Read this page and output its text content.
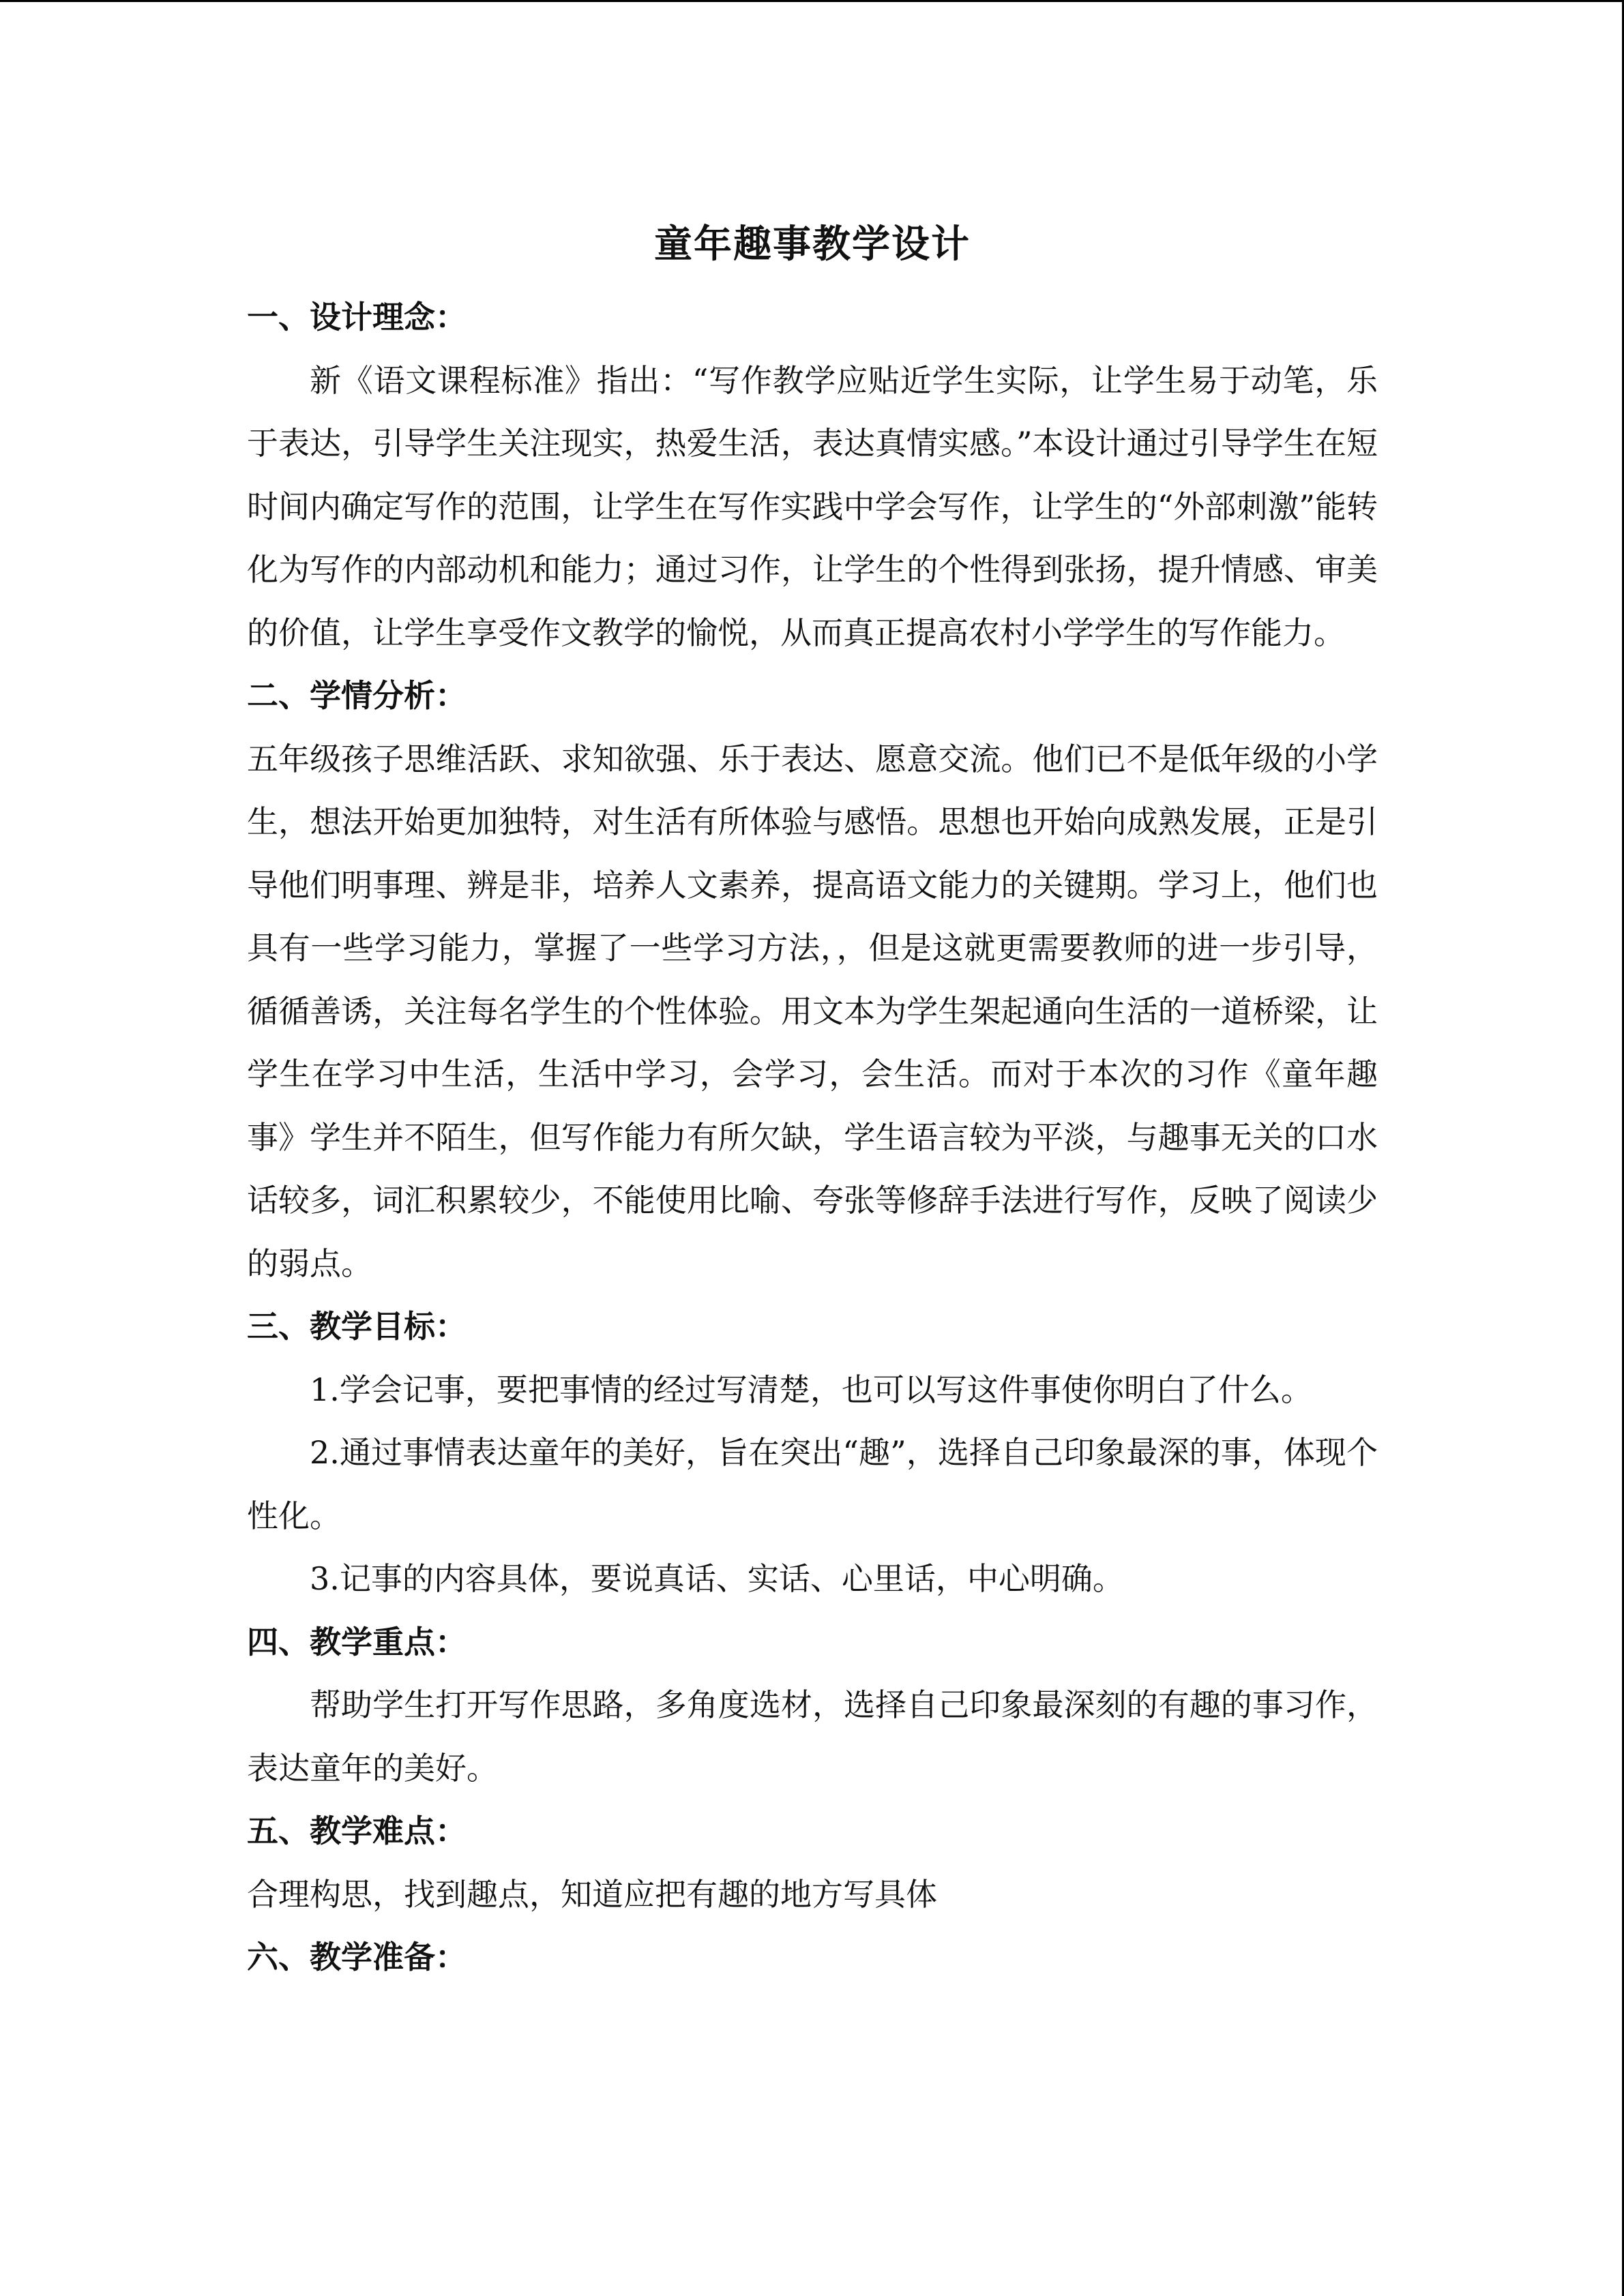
童年趣事教学设计
一、设计理念：

新《语文课程标准》指出：“写作教学应贴近学生实际，让学生易于动笔，乐于表达，引导学生关注现实，热爱生活，表达真情实感。”本设计通过引导学生在短时间内确定写作的范围，让学生在写作实践中学会写作，让学生的“外部刺激”能转化为写作的内部动机和能力；通过习作，让学生的个性得到张扬，提升情感、审美的价值，让学生享受作文教学的愉悦，从而真正提高农村小学学生的写作能力。

二、学情分析：

五年级孩子思维活跃、求知欲强、乐于表达、愿意交流。他们已不是低年级的小学生，想法开始更加独特，对生活有所体验与感悟。思想也开始向成熟发展，正是引导他们明事理、辨是非，培养人文素养，提高语文能力的关键期。学习上，他们也具有一些学习能力，掌握了一些学习方法，，但是这就更需要教师的进一步引导，循循善诱，关注每名学生的个性体验。用文本为学生架起通向生活的一道桥梁，让学生在学习中生活，生活中学习，会学习，会生活。而对于本次的习作《童年趣事》学生并不陌生，但写作能力有所欠缺，学生语言较为平淡，与趣事无关的口水话较多，词汇积累较少，不能使用比喻、夸张等修辞手法进行写作，反映了阅读少的弱点。

三、教学目标：

1.学会记事，要把事情的经过写清楚，也可以写这件事使你明白了什么。

2.通过事情表达童年的美好，旨在突出“趣”，选择自己印象最深的事，体现个性化。

3.记事的内容具体，要说真话、实话、心里话，中心明确。

四、教学重点：

帮助学生打开写作思路，多角度选材，选择自己印象最深刻的有趣的事习作，表达童年的美好。

五、教学难点：

合理构思，找到趣点，知道应把有趣的地方写具体

六、教学准备：
